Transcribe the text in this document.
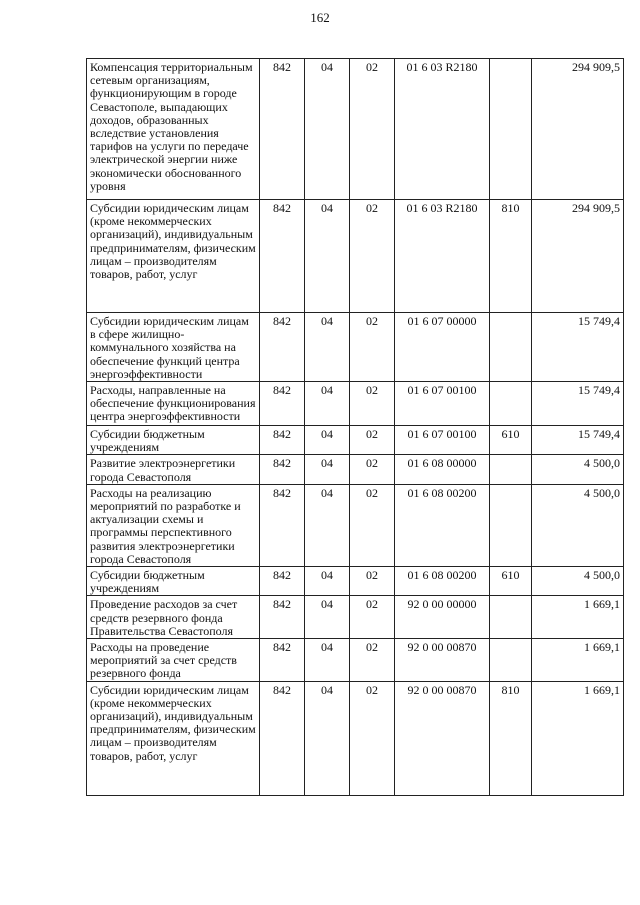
162
Компенсация территориальным сетевым организациям, функционирующим в городе Севастополе, выпадающих доходов, образованных вследствие установления тарифов на услуги по передаче электрической энергии ниже экономически обоснованного уровня	842	04	02	01 6 03 R2180		294 909,5
Субсидии юридическим лицам (кроме некоммерческих организаций), индивидуальным предпринимателям, физическим лицам – производителям товаров, работ, услуг	842	04	02	01 6 03 R2180	810	294 909,5
Субсидии юридическим лицам в сфере жилищно-коммунального хозяйства на обеспечение функций центра энергоэффективности	842	04	02	01 6 07 00000		15 749,4
Расходы, направленные на обеспечение функционирования центра энергоэффективности	842	04	02	01 6 07 00100		15 749,4
Субсидии бюджетным учреждениям	842	04	02	01 6 07 00100	610	15 749,4
Развитие электроэнергетики города Севастополя	842	04	02	01 6 08 00000		4 500,0
Расходы на реализацию мероприятий по разработке и актуализации схемы и программы перспективного развития электроэнергетики города Севастополя	842	04	02	01 6 08 00200		4 500,0
Субсидии бюджетным учреждениям	842	04	02	01 6 08 00200	610	4 500,0
Проведение расходов за счет средств резервного фонда Правительства Севастополя	842	04	02	92 0 00 00000		1 669,1
Расходы на проведение мероприятий за счет средств резервного фонда	842	04	02	92 0 00 00870		1 669,1
Субсидии юридическим лицам (кроме некоммерческих организаций), индивидуальным предпринимателям, физическим лицам – производителям товаров, работ, услуг	842	04	02	92 0 00 00870	810	1 669,1
